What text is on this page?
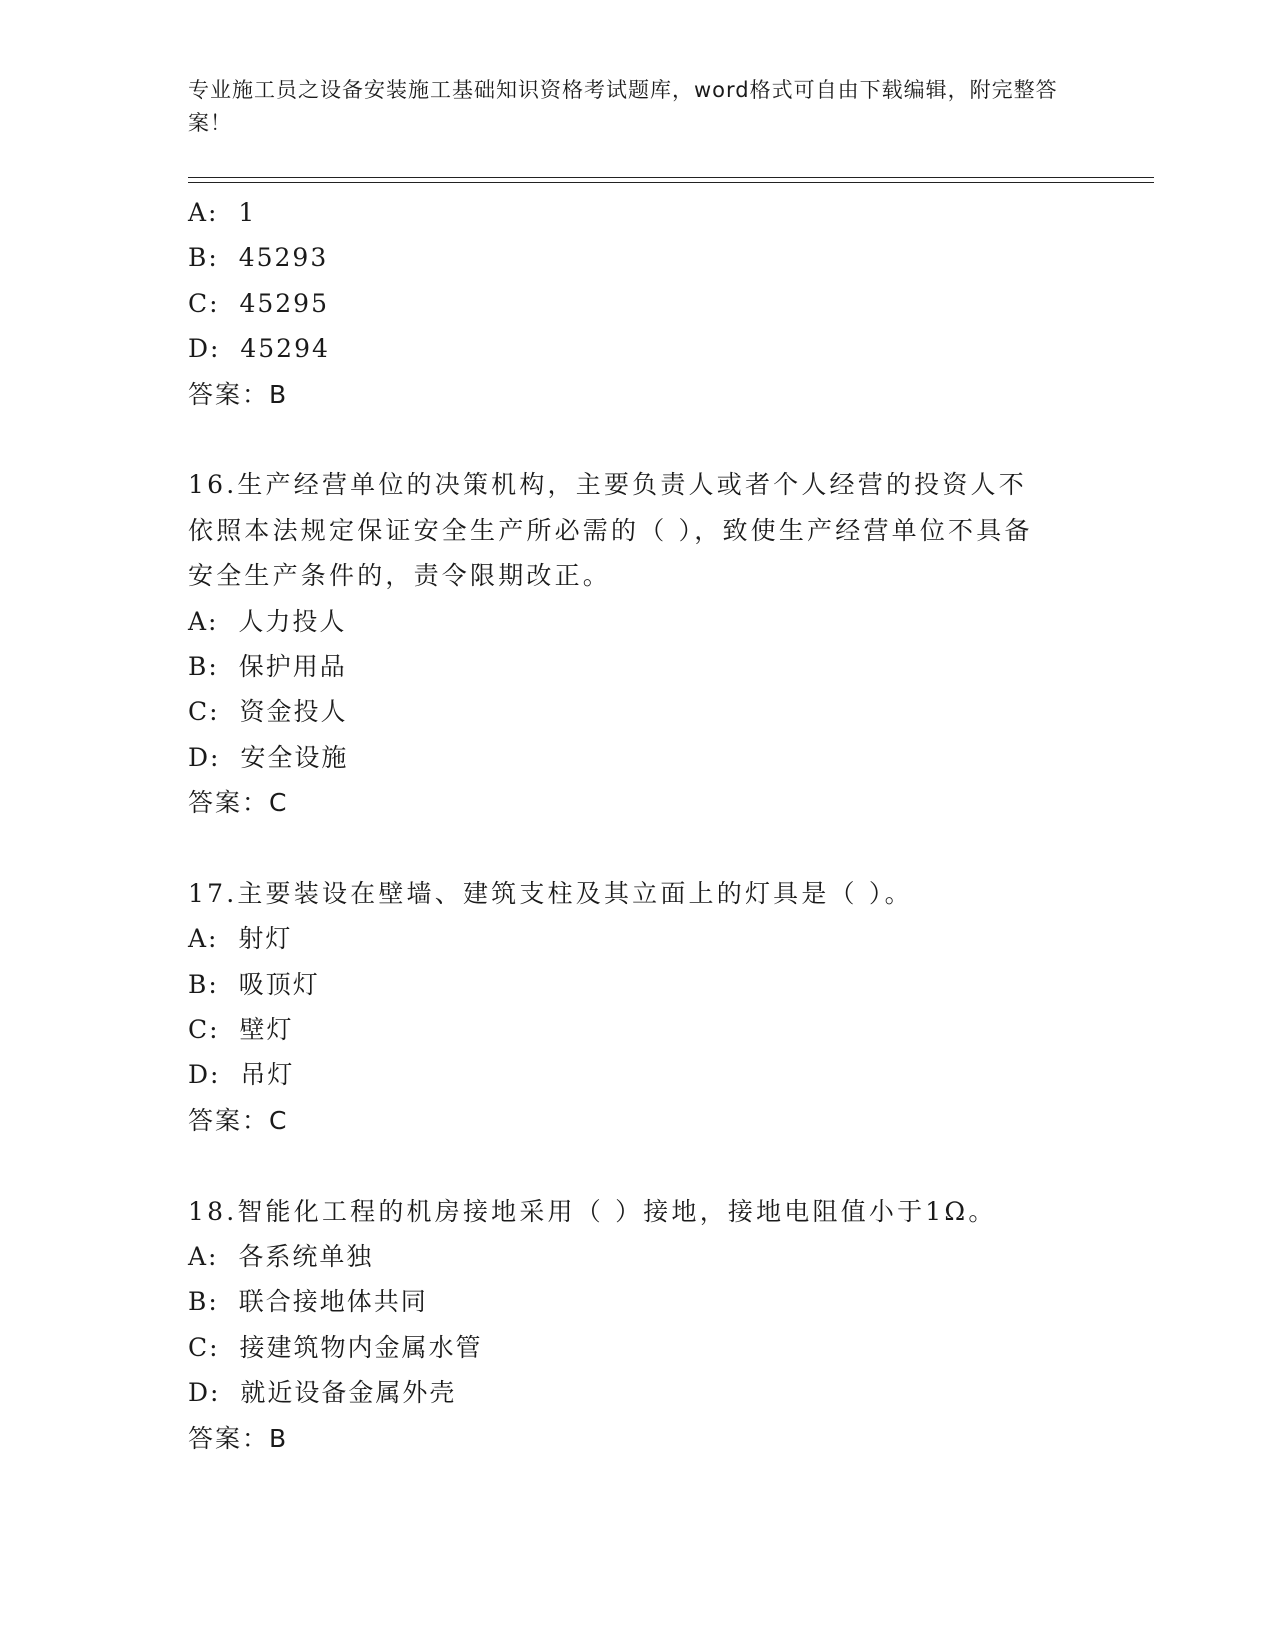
专业施工员之设备安装施工基础知识资格考试题库，word格式可自由下载编辑，附完整答案！
A: 1
B: 45293
C: 45295
D: 45294
答案：B
16.生产经营单位的决策机构，主要负责人或者个人经营的投资人不依照本法规定保证安全生产所必需的（ ），致使生产经营单位不具备安全生产条件的，责令限期改正。
A: 人力投人
B: 保护用品
C: 资金投人
D: 安全设施
答案：C
17.主要装设在壁墙、建筑支柱及其立面上的灯具是（ ）。
A: 射灯
B: 吸顶灯
C: 壁灯
D: 吊灯
答案：C
18.智能化工程的机房接地采用（ ）接地，接地电阻值小于1Ω。
A: 各系统单独
B: 联合接地体共同
C: 接建筑物内金属水管
D: 就近设备金属外壳
答案：B
